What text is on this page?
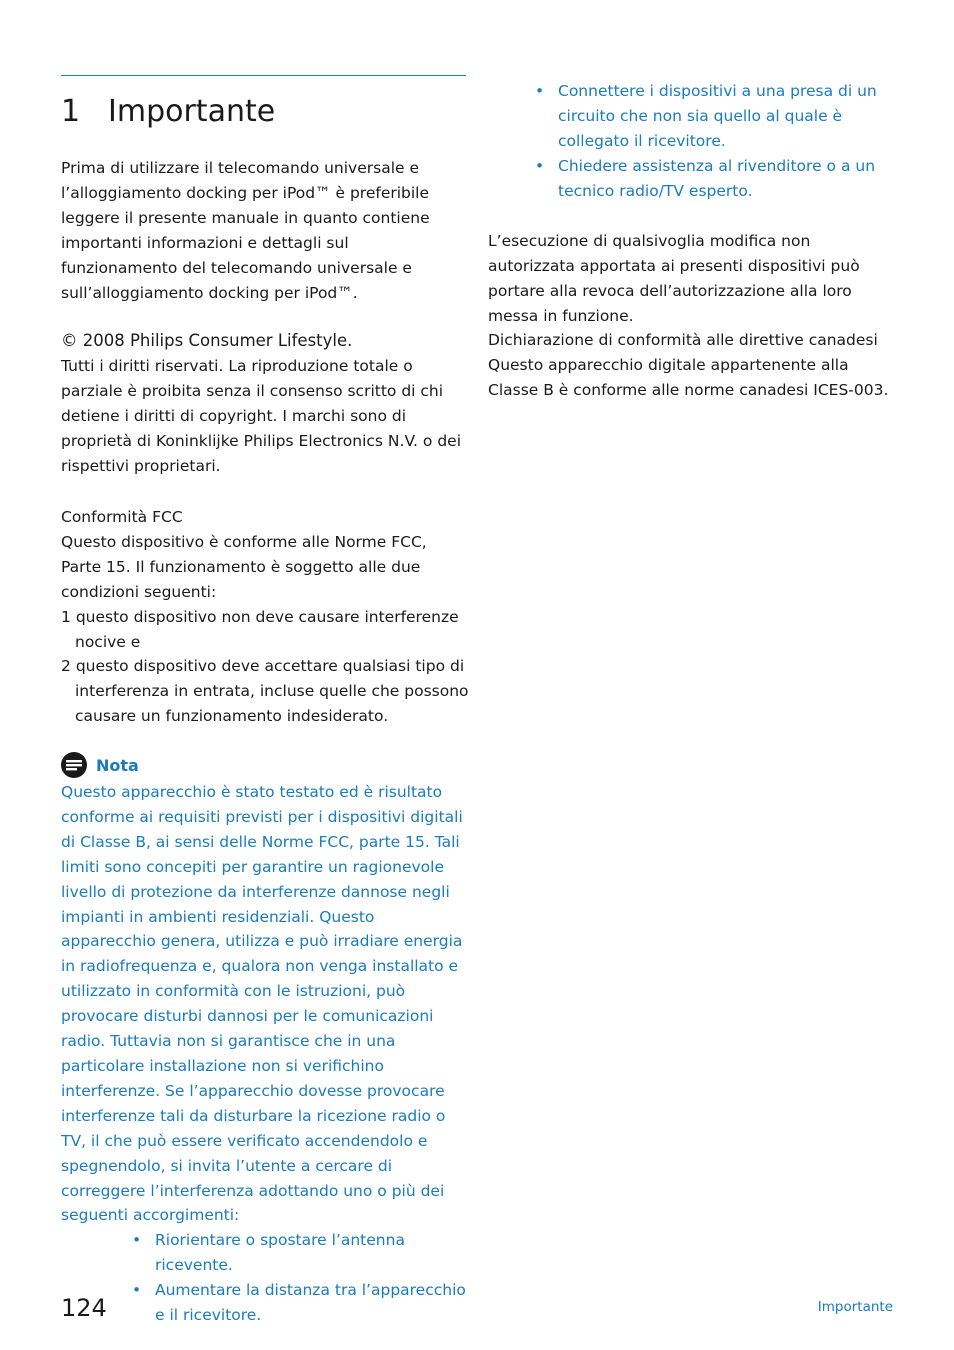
1 Importante

Prima di utilizzare il telecomando universale e l’alloggiamento docking per iPod™ è preferibile leggere il presente manuale in quanto contiene importanti informazioni e dettagli sul funzionamento del telecomando universale e sull’alloggiamento docking per iPod™.

© 2008 Philips Consumer Lifestyle.

Tutti i diritti riservati. La riproduzione totale o parziale è proibita senza il consenso scritto di chi detiene i diritti di copyright. I marchi sono di proprietà di Koninklijke Philips Electronics N.V. o dei rispettivi proprietari.

Conformità FCC

Questo dispositivo è conforme alle Norme FCC, Parte 15. Il funzionamento è soggetto alle due condizioni seguenti:

1 questo dispositivo non deve causare interferenze nocive e
2 questo dispositivo deve accettare qualsiasi tipo di interferenza in entrata, incluse quelle che possono causare un funzionamento indesiderato.
Nota

Questo apparecchio è stato testato ed è risultato conforme ai requisiti previsti per i dispositivi digitali di Classe B, ai sensi delle Norme FCC, parte 15. Tali limiti sono concepiti per garantire un ragionevole livello di protezione da interferenze dannose negli impianti in ambienti residenziali. Questo apparecchio genera, utilizza e può irradiare energia in radiofrequenza e, qualora non venga installato e utilizzato in conformità con le istruzioni, può provocare disturbi dannosi per le comunicazioni radio. Tuttavia non si garantisce che in una particolare installazione non si verifichino interferenze. Se l’apparecchio dovesse provocare interferenze tali da disturbare la ricezione radio o TV, il che può essere verificato accendendolo e spegnendolo, si invita l’utente a cercare di correggere l’interferenza adottando uno o più dei seguenti accorgimenti:

• Riorientare o spostare l’antenna ricevente.
• Aumentare la distanza tra l’apparecchio e il ricevitore.
• Connettere i dispositivi a una presa di un circuito che non sia quello al quale è collegato il ricevitore.
• Chiedere assistenza al rivenditore o a un tecnico radio/TV esperto.

L’esecuzione di qualsivoglia modifica non autorizzata apportata ai presenti dispositivi può portare alla revoca dell’autorizzazione alla loro messa in funzione.

Dichiarazione di conformità alle direttive canadesi

Questo apparecchio digitale appartenente alla Classe B è conforme alle norme canadesi ICES-003.

124	Importante
